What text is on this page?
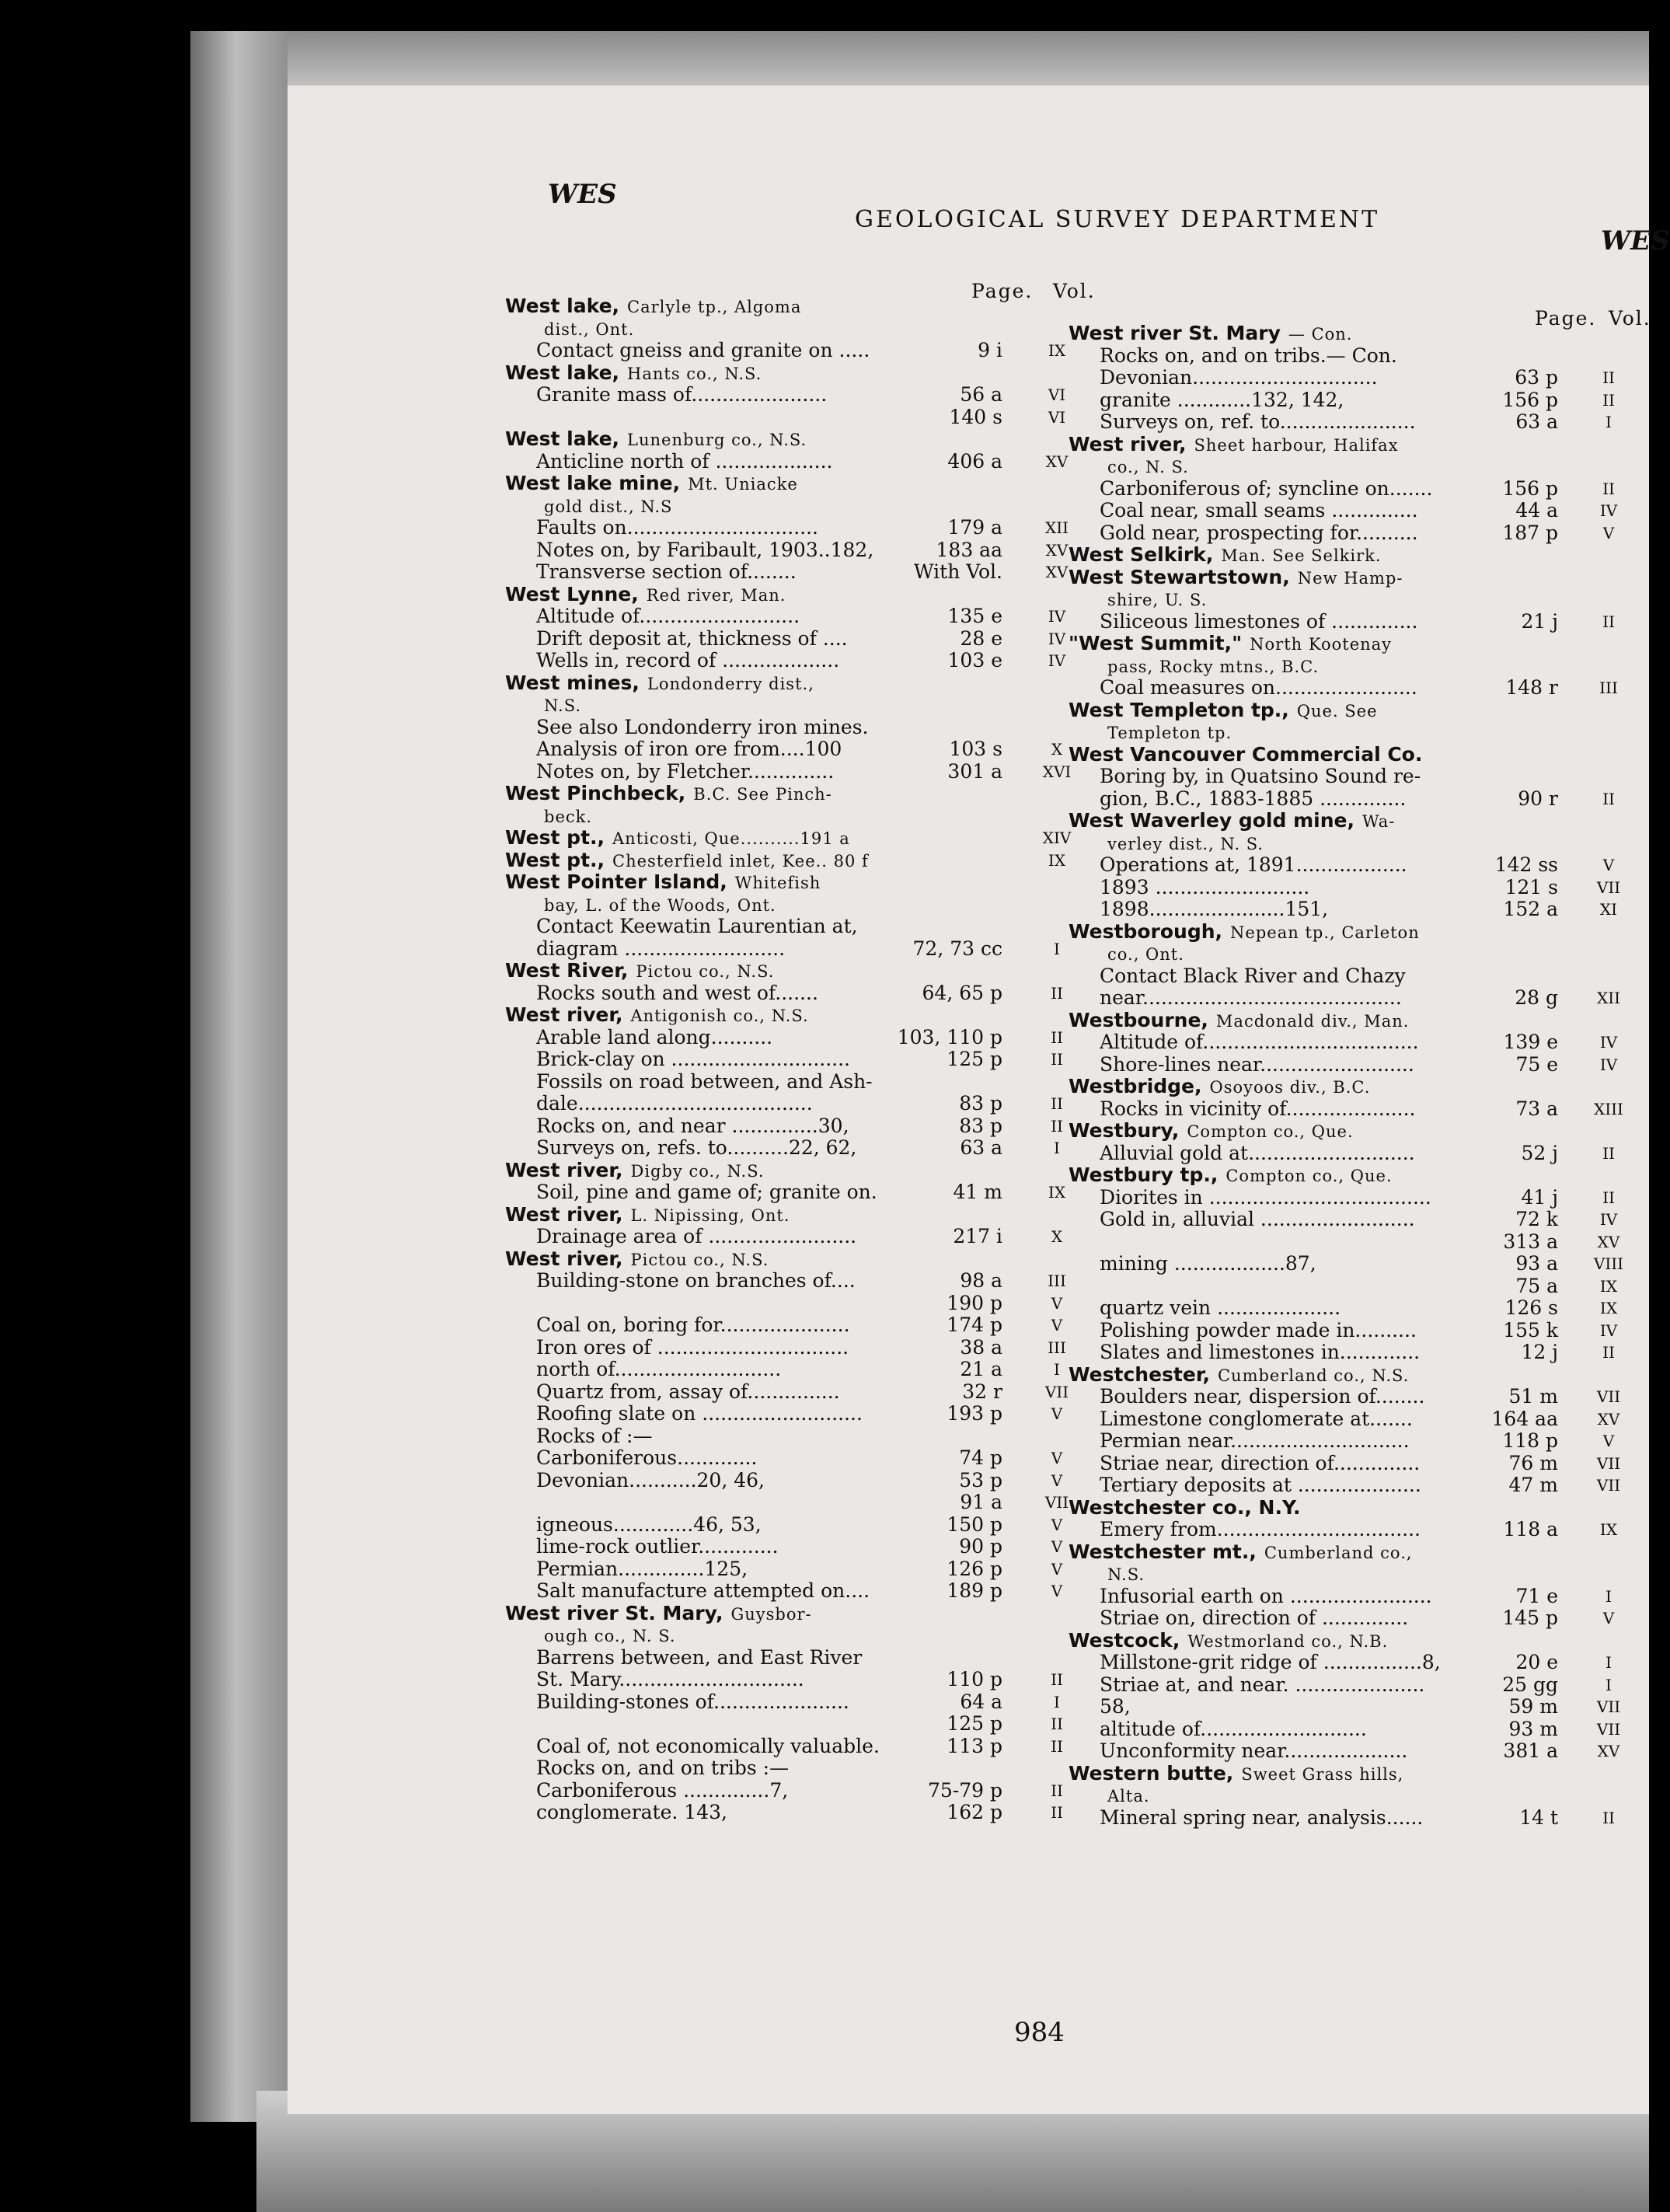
WES
GEOLOGICAL SURVEY DEPARTMENT
WES
Page. Vol.
Page. Vol.
West lake, Carlyle tp., Algoma
dist., Ont.
Contact gneiss and granite on .....	9 i	IX
West lake, Hants co., N.S.
Granite mass of......................	56 a	VI
140 s	VI
West lake, Lunenburg co., N.S.
Anticline north of ...................	406 a	XV
West lake mine, Mt. Uniacke
gold dist., N.S
Faults on...............................	179 a	XII
Notes on, by Faribault, 1903..182,	183 aa	XV
Transverse section of........	With Vol.	XV
West Lynne, Red river, Man.
Altitude of..........................	135 e	IV
Drift deposit at, thickness of ....	28 e	IV
Wells in, record of ...................	103 e	IV
West mines, Londonderry dist.,
N.S.
See also Londonderry iron mines.
Analysis of iron ore from....100	103 s	X
Notes on, by Fletcher..............	301 a	XVI
West Pinchbeck, B.C. See Pinch-
beck.
West pt., Anticosti, Que..........191 a	XIV
West pt., Chesterfield inlet, Kee.. 80 f	IX
West Pointer Island, Whitefish
bay, L. of the Woods, Ont.
Contact Keewatin Laurentian at,
diagram ..........................	72, 73 cc	I
West River, Pictou co., N.S.
Rocks south and west of.......	64, 65 p	II
West river, Antigonish co., N.S.
Arable land along..........	103, 110 p	II
Brick-clay on .............................	125 p	II
Fossils on road between, and Ash-
dale......................................	83 p	II
Rocks on, and near ..............30,	83 p	II
Surveys on, refs. to..........22, 62,	63 a	I
West river, Digby co., N.S.
Soil, pine and game of; granite on.	41 m	IX
West river, L. Nipissing, Ont.
Drainage area of ........................	217 i	X
West river, Pictou co., N.S.
Building-stone on branches of....	98 a	III
190 p	V
Coal on, boring for.....................	174 p	V
Iron ores of ...............................	38 a	III
north of...........................	21 a	I
Quartz from, assay of...............	32 r	VII
Roofing slate on ..........................	193 p	V
Rocks of :—
Carboniferous.............	74 p	V
Devonian...........20, 46,	53 p	V
91 a	VII
igneous.............46, 53,	150 p	V
lime-rock outlier.............	90 p	V
Permian..............125,	126 p	V
Salt manufacture attempted on....	189 p	V
West river St. Mary, Guysbor-
ough co., N. S.
Barrens between, and East River
St. Mary..............................	110 p	II
Building-stones of......................	64 a	I
125 p	II
Coal of, not economically valuable.	113 p	II
Rocks on, and on tribs :—
Carboniferous ..............7,	75-79 p	II
conglomerate. 143,	162 p	II
West river St. Mary — Con.
Rocks on, and on tribs.— Con.
Devonian..............................	63 p	II
granite ............132, 142,	156 p	II
Surveys on, ref. to......................	63 a	I
West river, Sheet harbour, Halifax
co., N. S.
Carboniferous of; syncline on.......	156 p	II
Coal near, small seams ..............	44 a	IV
Gold near, prospecting for..........	187 p	V
West Selkirk, Man. See Selkirk.
West Stewartstown, New Hamp-
shire, U. S.
Siliceous limestones of ..............	21 j	II
"West Summit," North Kootenay
pass, Rocky mtns., B.C.
Coal measures on.......................	148 r	III
West Templeton tp., Que. See
Templeton tp.
West Vancouver Commercial Co.
Boring by, in Quatsino Sound re-
gion, B.C., 1883-1885 ..............	90 r	II
West Waverley gold mine, Wa-
verley dist., N. S.
Operations at, 1891..................	142 ss	V
1893 .........................	121 s	VII
1898......................151,	152 a	XI
Westborough, Nepean tp., Carleton
co., Ont.
Contact Black River and Chazy
near..........................................	28 g	XII
Westbourne, Macdonald div., Man.
Altitude of...................................	139 e	IV
Shore-lines near.........................	75 e	IV
Westbridge, Osoyoos div., B.C.
Rocks in vicinity of.....................	73 a	XIII
Westbury, Compton co., Que.
Alluvial gold at...........................	52 j	II
Westbury tp., Compton co., Que.
Diorites in ....................................	41 j	II
Gold in, alluvial .........................	72 k	IV
313 a	XV
mining ..................87,	93 a	VIII
75 a	IX
quartz vein ....................	126 s	IX
Polishing powder made in..........	155 k	IV
Slates and limestones in.............	12 j	II
Westchester, Cumberland co., N.S.
Boulders near, dispersion of........	51 m	VII
Limestone conglomerate at.......	164 aa	XV
Permian near.............................	118 p	V
Striae near, direction of..............	76 m	VII
Tertiary deposits at ....................	47 m	VII
Westchester co., N.Y.
Emery from.................................	118 a	IX
Westchester mt., Cumberland co.,
N.S.
Infusorial earth on .......................	71 e	I
Striae on, direction of ..............	145 p	V
Westcock, Westmorland co., N.B.
Millstone-grit ridge of ................8,	20 e	I
Striae at, and near. .....................	25 gg	I
58,	59 m	VII
altitude of...........................	93 m	VII
Unconformity near....................	381 a	XV
Western butte, Sweet Grass hills,
Alta.
Mineral spring near, analysis......	14 t	II
984
